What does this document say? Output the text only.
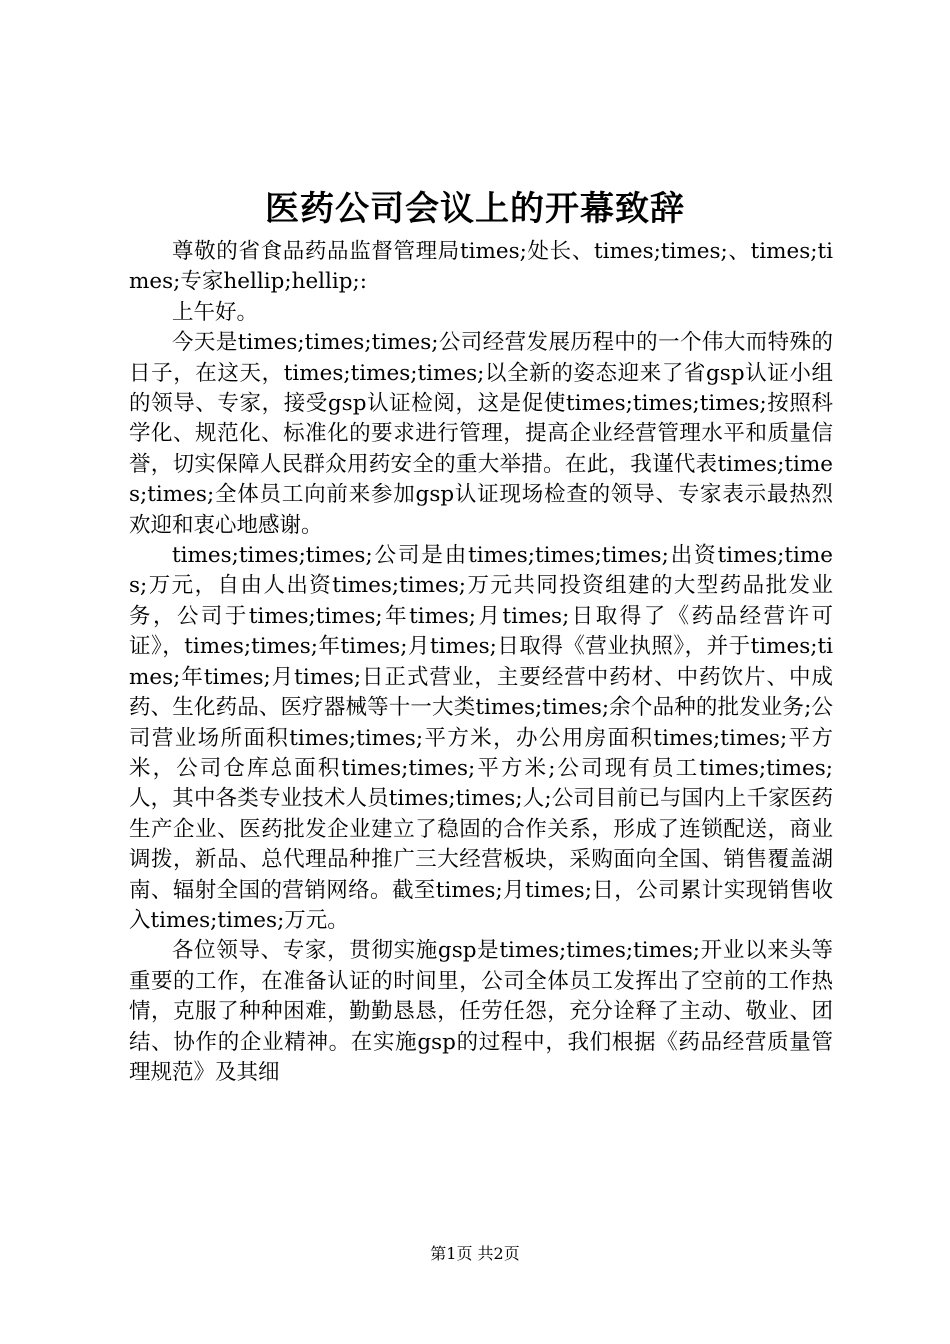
医药公司会议上的开幕致辞

尊敬的省食品药品监督管理局times;处长、times;times;、times;times;专家hellip;hellip;:

上午好。

今天是times;times;times;公司经营发展历程中的一个伟大而特殊的日子，在这天，times;times;times;以全新的姿态迎来了省gsp认证小组的领导、专家，接受gsp认证检阅，这是促使times;times;times;按照科学化、规范化、标准化的要求进行管理，提高企业经营管理水平和质量信誉，切实保障人民群众用药安全的重大举措。在此，我谨代表times;times;times;全体员工向前来参加gsp认证现场检查的领导、专家表示最热烈欢迎和衷心地感谢。

times;times;times;公司是由times;times;times;出资times;times;万元，自由人出资times;times;万元共同投资组建的大型药品批发业务，公司于times;times;年times;月times;日取得了《药品经营许可证》，times;times;年times;月times;日取得《营业执照》，并于times;times;年times;月times;日正式营业，主要经营中药材、中药饮片、中成药、生化药品、医疗器械等十一大类times;times;余个品种的批发业务;公司营业场所面积times;times;平方米，办公用房面积times;times;平方米，公司仓库总面积times;times;平方米;公司现有员工times;times;人，其中各类专业技术人员times;times;人;公司目前已与国内上千家医药生产企业、医药批发企业建立了稳固的合作关系，形成了连锁配送，商业调拨，新品、总代理品种推广三大经营板块，采购面向全国、销售覆盖湖南、辐射全国的营销网络。截至times;月times;日，公司累计实现销售收入times;times;万元。

各位领导、专家，贯彻实施gsp是times;times;times;开业以来头等重要的工作，在准备认证的时间里，公司全体员工发挥出了空前的工作热情，克服了种种困难，勤勤恳恳，任劳任怨，充分诠释了主动、敬业、团结、协作的企业精神。在实施gsp的过程中，我们根据《药品经营质量管理规范》及其细

第1页 共2页
